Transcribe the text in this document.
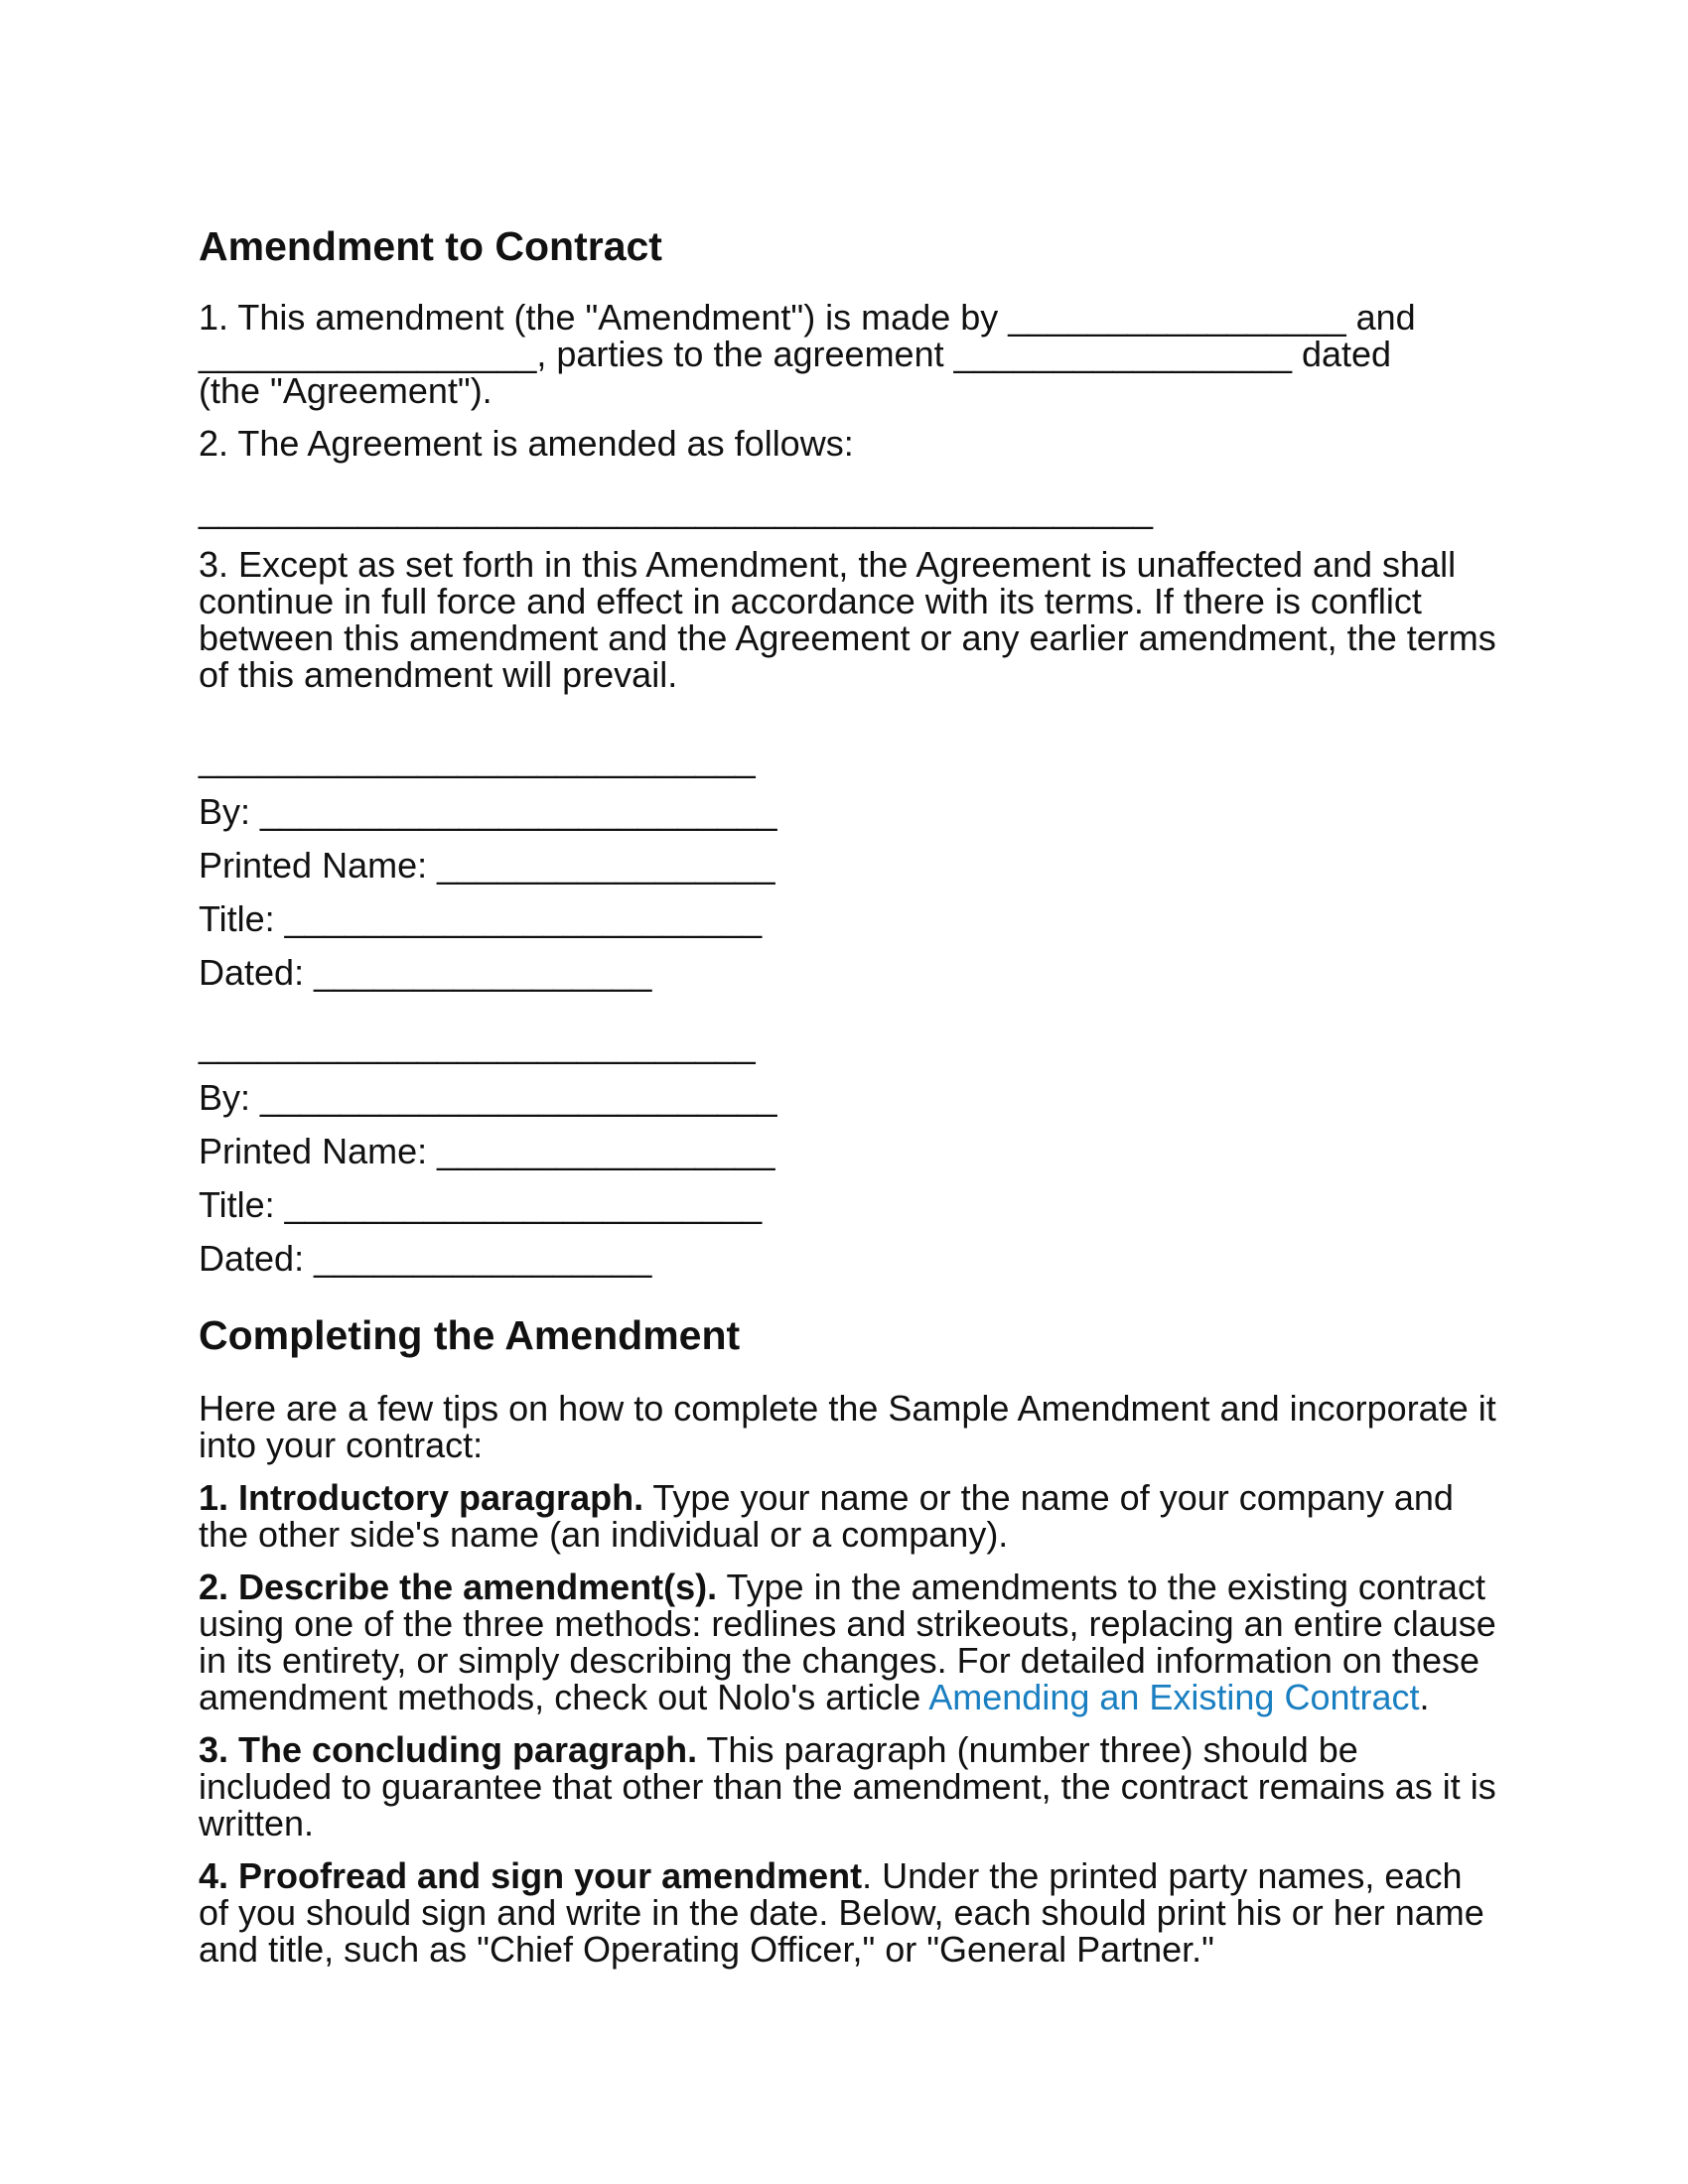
Amendment to Contract

1. This amendment (the "Amendment") is made by _________________ and

_________________, parties to the agreement _________________ dated

(the "Agreement").

2. The Agreement is amended as follows:

________________________________________________

3. Except as set forth in this Amendment, the Agreement is unaffected and shall continue in full force and effect in accordance with its terms. If there is conflict between this amendment and the Agreement or any earlier amendment, the terms of this amendment will prevail.

____________________________
By: __________________________
Printed Name: _________________
Title: ________________________
Dated: _________________
____________________________
By: __________________________
Printed Name: _________________
Title: ________________________
Dated: _________________
Completing the Amendment

Here are a few tips on how to complete the Sample Amendment and incorporate it into your contract:

1. Introductory paragraph. Type your name or the name of your company and the other side's name (an individual or a company).

2. Describe the amendment(s). Type in the amendments to the existing contract using one of the three methods: redlines and strikeouts, replacing an entire clause in its entirety, or simply describing the changes. For detailed information on these amendment methods, check out Nolo's article Amending an Existing Contract.

3. The concluding paragraph. This paragraph (number three) should be included to guarantee that other than the amendment, the contract remains as it is written.

4. Proofread and sign your amendment. Under the printed party names, each of you should sign and write in the date. Below, each should print his or her name and title, such as "Chief Operating Officer," or "General Partner."
